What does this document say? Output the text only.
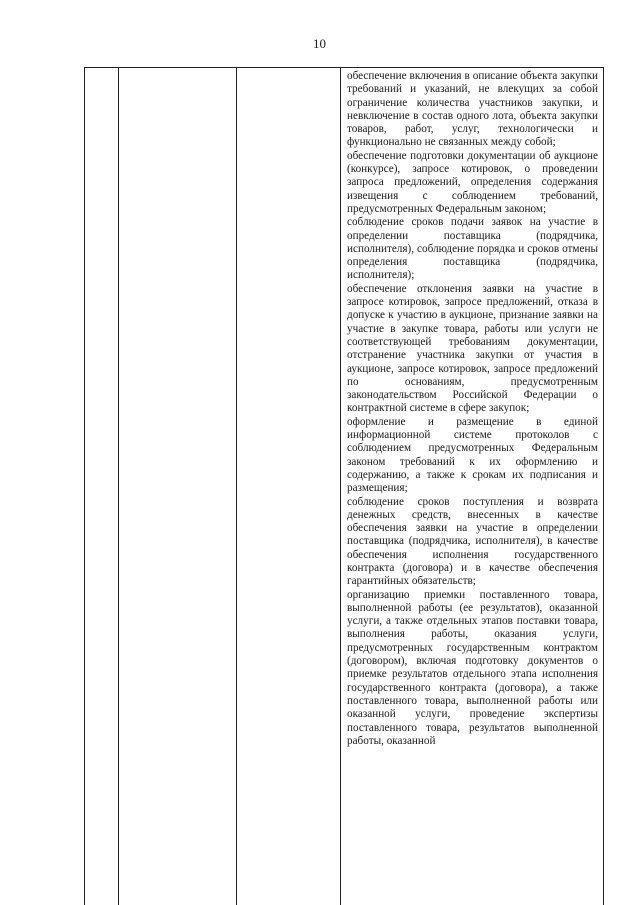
10

обеспечение включения в описание объекта закупки требований и указаний, не влекущих за собой ограничение количества участников закупки, и невключение в состав одного лота, объекта закупки товаров, работ, услуг, технологически и функционально не связанных между собой;

обеспечение подготовки документации об аукционе (конкурсе), запросе котировок, о проведении запроса предложений, определения содержания извещения с соблюдением требований, предусмотренных Федеральным законом;

соблюдение сроков подачи заявок на участие в определении поставщика (подрядчика, исполнителя), соблюдение порядка и сроков отмены определения поставщика (подрядчика, исполнителя);

обеспечение отклонения заявки на участие в запросе котировок, запросе предложений, отказа в допуске к участию в аукционе, признание заявки на участие в закупке товара, работы или услуги не соответствующей требованиям документации, отстранение участника закупки от участия в аукционе, запросе котировок, запросе предложений по основаниям, предусмотренным законодательством Российской Федерации о контрактной системе в сфере закупок;

оформление и размещение в единой информационной системе протоколов с соблюдением предусмотренных Федеральным законом требований к их оформлению и содержанию, а также к срокам их подписания и размещения;

соблюдение сроков поступления и возврата денежных средств, внесенных в качестве обеспечения заявки на участие в определении поставщика (подрядчика, исполнителя), в качестве обеспечения исполнения государственного контракта (договора) и в качестве обеспечения гарантийных обязательств;

организацию приемки поставленного товара, выполненной работы (ее результатов), оказанной услуги, а также отдельных этапов поставки товара, выполнения работы, оказания услуги, предусмотренных государственным контрактом (договором), включая подготовку документов о приемке результатов отдельного этапа исполнения государственного контракта (договора), а также поставленного товара, выполненной работы или оказанной услуги, проведение экспертизы поставленного товара, результатов выполненной работы, оказанной
